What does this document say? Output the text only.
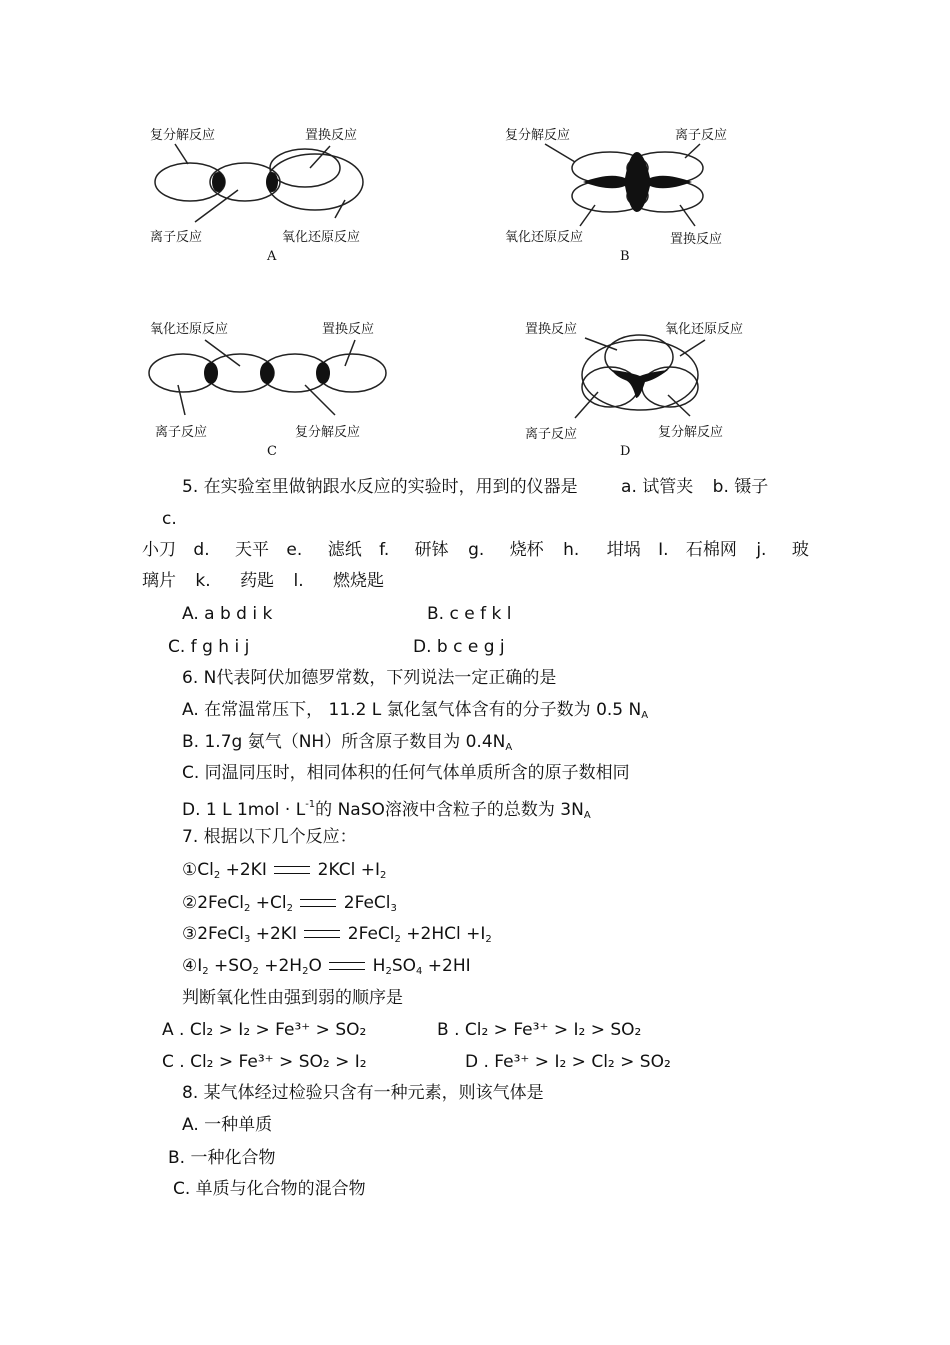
复分解反应	置换反应
离子反应	氧化还原反应
A
复分解反应	离子反应
氧化还原反应	置换反应
B
氧化还原反应	置换反应
离子反应	复分解反应
C
置换反应	氧化还原反应
离子反应	复分解反应
D
5. 在实验室里做钠跟水反应的实验时，用到的仪器是	a. 试管夹 b. 镊子
c.
小刀 d. 天平 e. 滤纸 f. 研钵 g. 烧杯 h. 坩埚 I. 石棉网 j. 玻
璃片 k. 药匙 l. 燃烧匙
A. a b d i k	B. c e f k l
C. f g h i j	D. b c e g j
6. N代表阿伏加德罗常数，下列说法一定正确的是
A. 在常温常压下， 11.2 L 氯化氢气体含有的分子数为 0.5 $N_A$
B. 1.7g 氨气（NH）所含原子数目为 $0.4N_A$
C. 同温同压时，相同体积的任何气体单质所含的原子数相同
D. 1 L $1mol \cdot L^{-1}$的 NaSO溶液中含粒子的总数为 $3N_A$
7. 根据以下几个反应：
$①Cl_2 +2KI$	$2KCl +I_2$
②2FeCl$_2$ $+Cl_2$	2FeCl$_3$
③2FeCl$_3$ +2KI	2FeCl$_2$ $+2HCl +I_2$
$④I_2 +SO_2 +2H_2O$	$H_2SO_4 +2HI$
判断氧化性由强到弱的顺序是
A . Cl₂ > I₂ > Fe³⁺ > SO₂	B . Cl₂ > Fe³⁺ > I₂ > SO₂
C . Cl₂ > Fe³⁺ > SO₂ > I₂	D . Fe³⁺ > I₂ > Cl₂ > SO₂
8. 某气体经过检验只含有一种元素，则该气体是
A. 一种单质
B. 一种化合物
C. 单质与化合物的混合物
